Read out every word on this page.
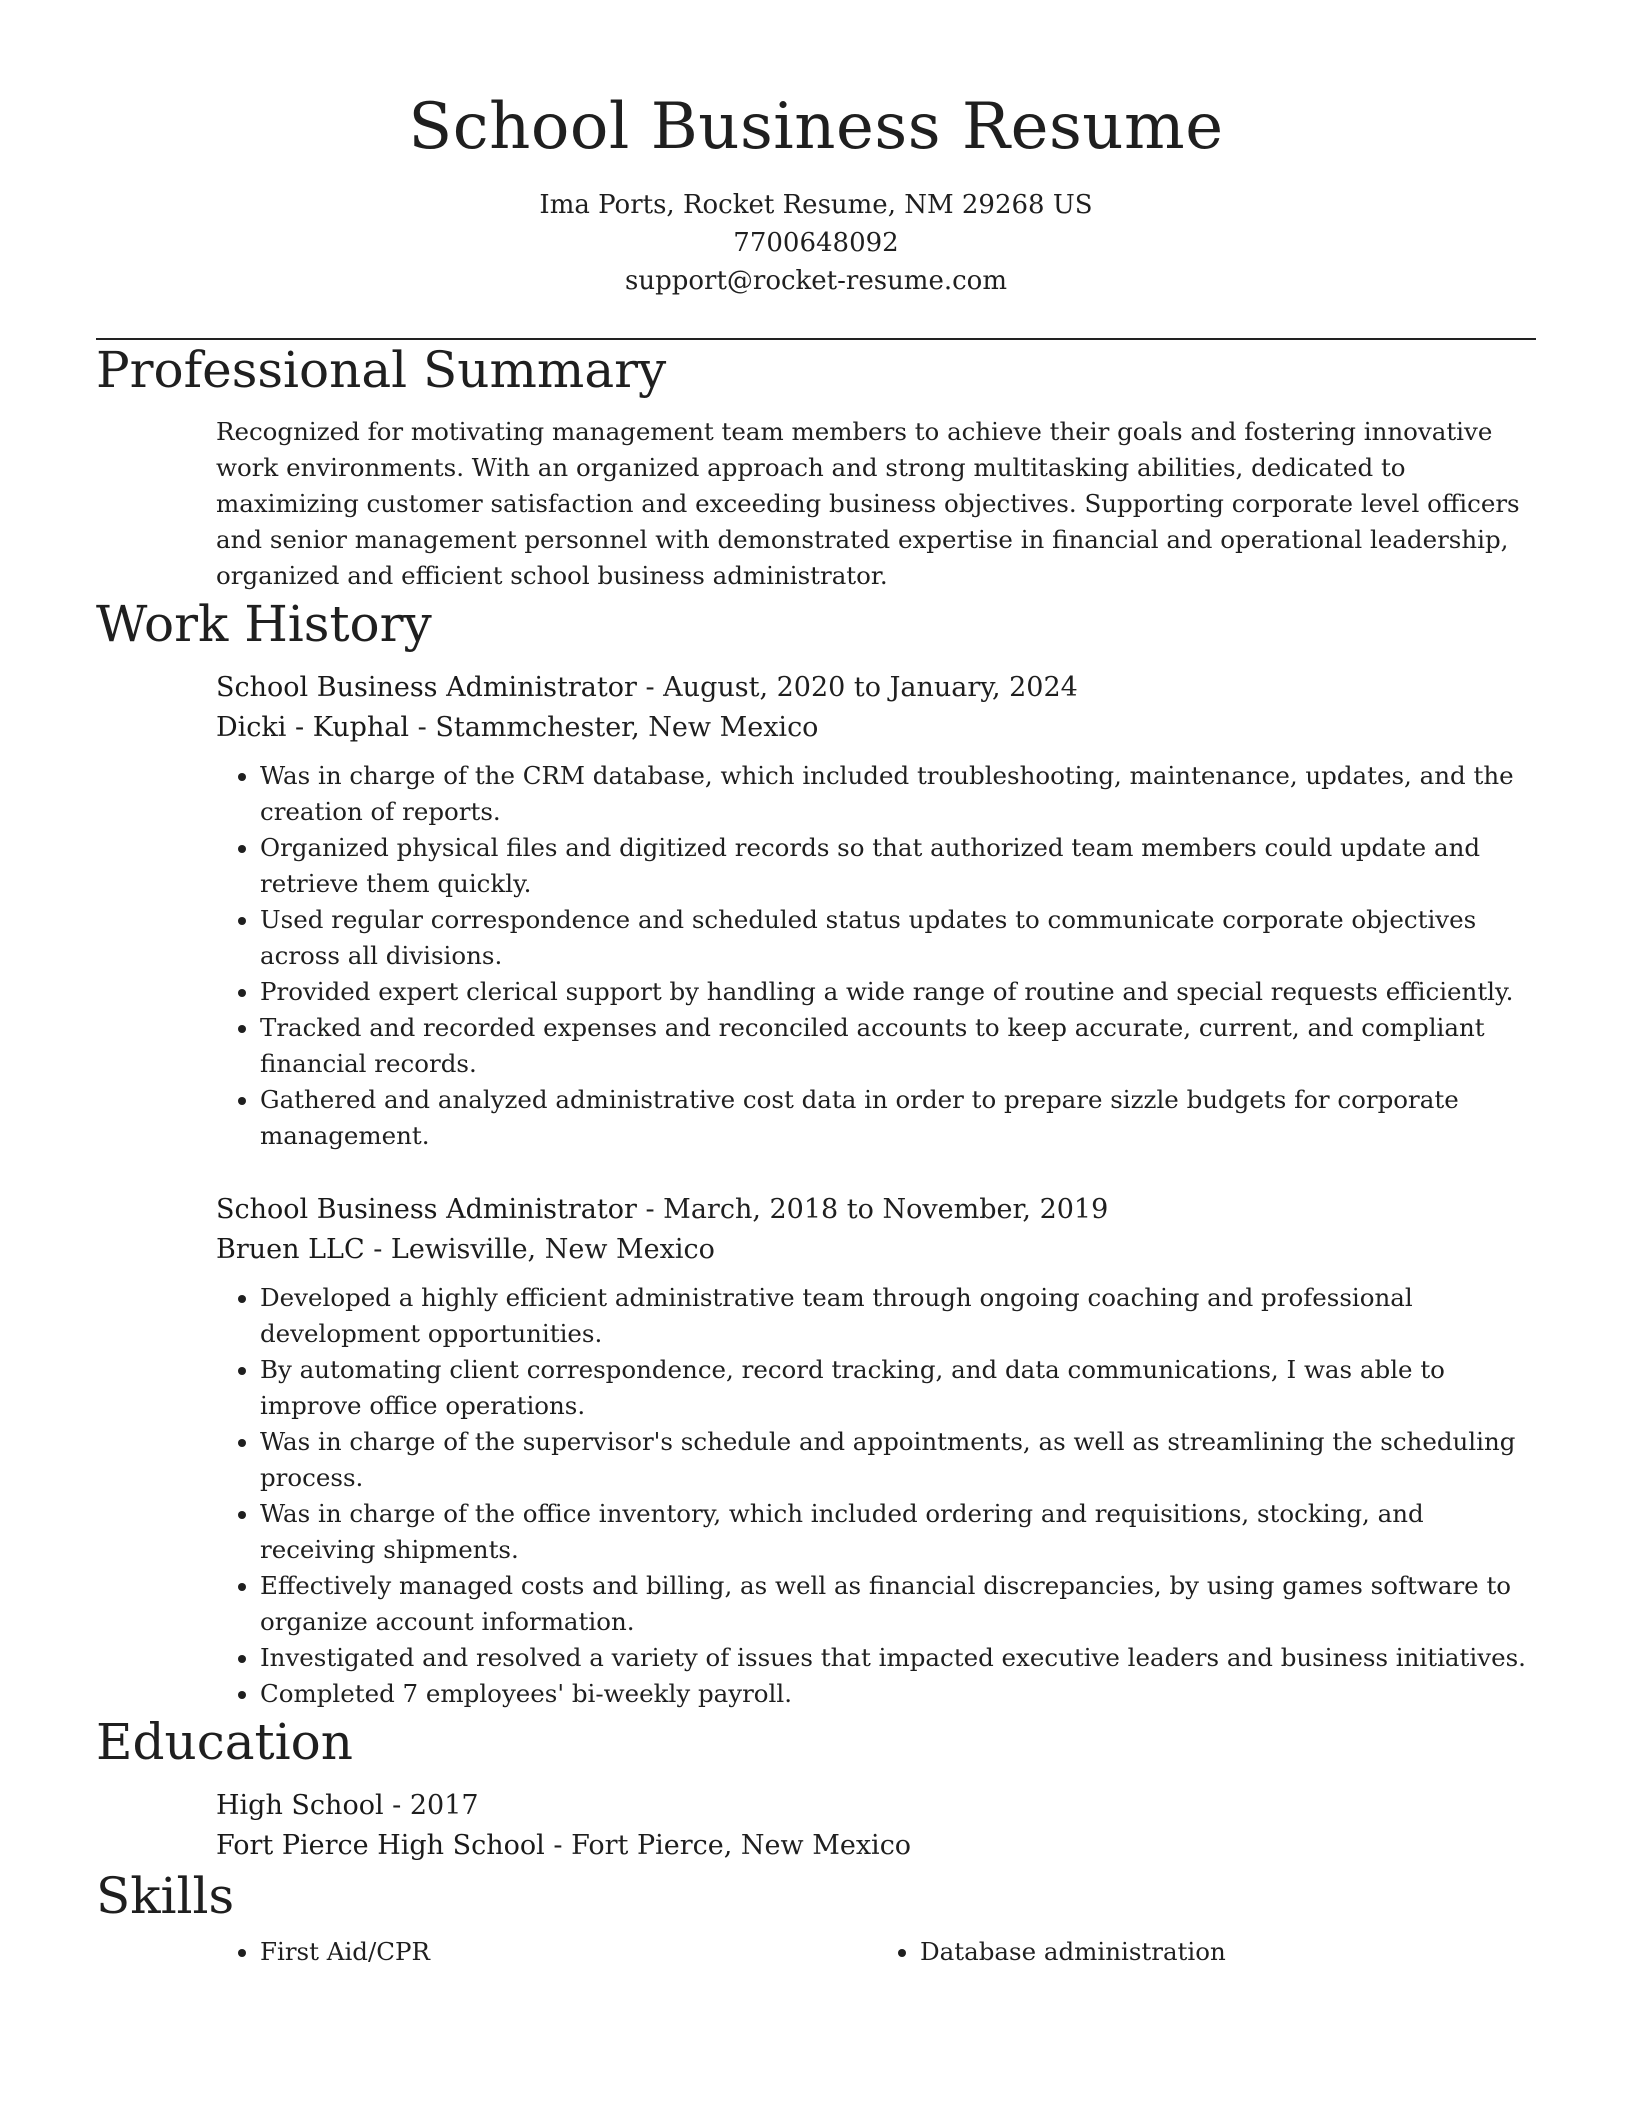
School Business Resume

Ima Ports, Rocket Resume, NM 29268 US

7700648092

support@rocket-resume.com

Professional Summary

Recognized for motivating management team members to achieve their goals and fostering innovative work environments. With an organized approach and strong multitasking abilities, dedicated to maximizing customer satisfaction and exceeding business objectives. Supporting corporate level officers and senior management personnel with demonstrated expertise in financial and operational leadership, organized and efficient school business administrator.

Work History
School Business Administrator - August, 2020 to January, 2024
Dicki - Kuphal - Stammchester, New Mexico
• Was in charge of the CRM database, which included troubleshooting, maintenance, updates, and the creation of reports.
• Organized physical files and digitized records so that authorized team members could update and retrieve them quickly.
• Used regular correspondence and scheduled status updates to communicate corporate objectives across all divisions.
• Provided expert clerical support by handling a wide range of routine and special requests efficiently.
• Tracked and recorded expenses and reconciled accounts to keep accurate, current, and compliant financial records.
• Gathered and analyzed administrative cost data in order to prepare sizzle budgets for corporate management.
School Business Administrator - March, 2018 to November, 2019
Bruen LLC - Lewisville, New Mexico
• Developed a highly efficient administrative team through ongoing coaching and professional development opportunities.
• By automating client correspondence, record tracking, and data communications, I was able to improve office operations.
• Was in charge of the supervisor's schedule and appointments, as well as streamlining the scheduling process.
• Was in charge of the office inventory, which included ordering and requisitions, stocking, and receiving shipments.
• Effectively managed costs and billing, as well as financial discrepancies, by using games software to organize account information.
• Investigated and resolved a variety of issues that impacted executive leaders and business initiatives.
• Completed 7 employees' bi-weekly payroll.
Education
High School - 2017
Fort Pierce High School - Fort Pierce, New Mexico
Skills
• First Aid/CPR
•	Database administration
